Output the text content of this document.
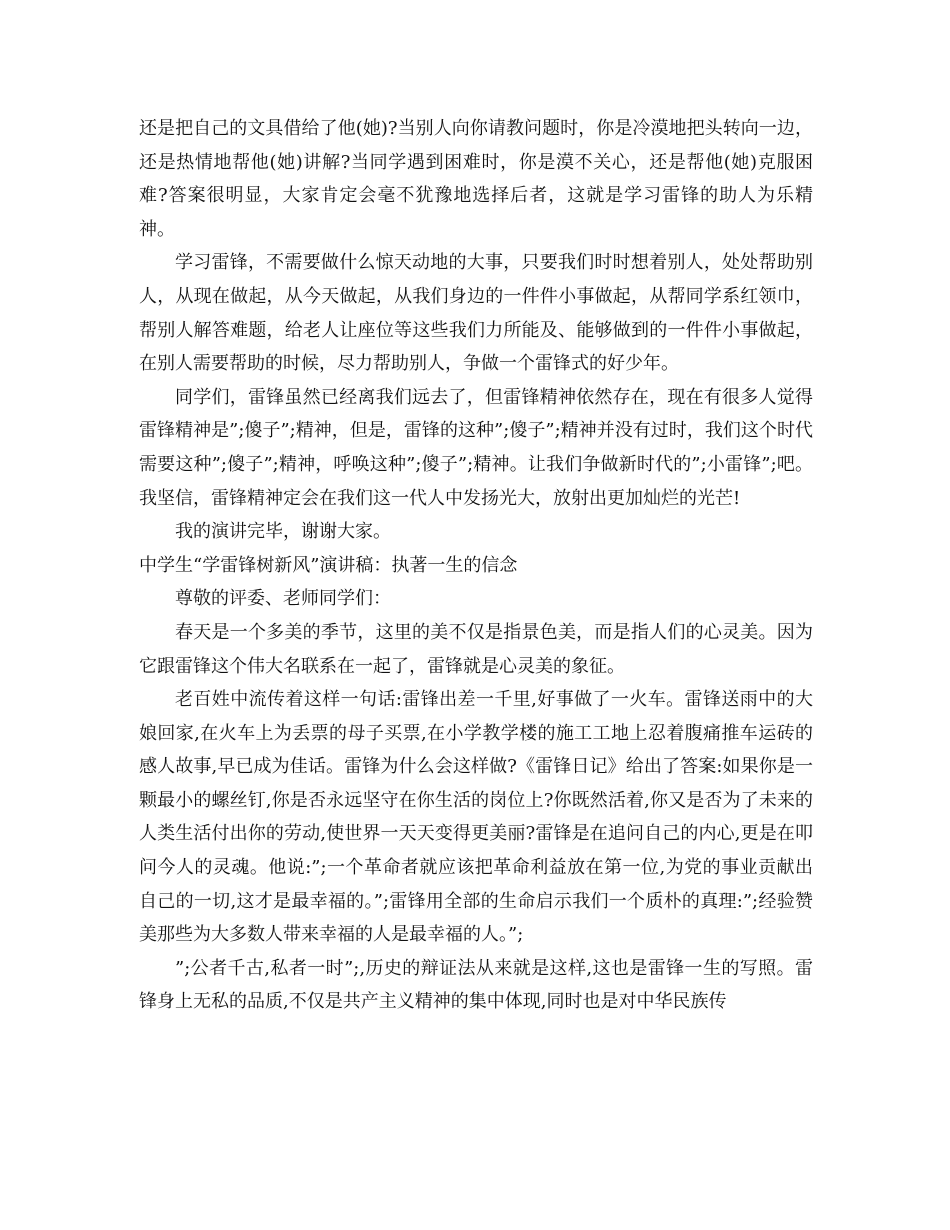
还是把自己的文具借给了他(她)?当别人向你请教问题时，你是冷漠地把头转向一边，还是热情地帮他(她)讲解?当同学遇到困难时，你是漠不关心，还是帮他(她)克服困难?答案很明显，大家肯定会毫不犹豫地选择后者，这就是学习雷锋的助人为乐精神。

学习雷锋，不需要做什么惊天动地的大事，只要我们时时想着别人，处处帮助别人，从现在做起，从今天做起，从我们身边的一件件小事做起，从帮同学系红领巾，帮别人解答难题，给老人让座位等这些我们力所能及、能够做到的一件件小事做起，在别人需要帮助的时候，尽力帮助别人，争做一个雷锋式的好少年。

同学们，雷锋虽然已经离我们远去了，但雷锋精神依然存在，现在有很多人觉得雷锋精神是”;傻子”;精神，但是，雷锋的这种”;傻子”;精神并没有过时，我们这个时代需要这种”;傻子”;精神，呼唤这种”;傻子”;精神。让我们争做新时代的”;小雷锋”;吧。我坚信，雷锋精神定会在我们这一代人中发扬光大，放射出更加灿烂的光芒!

我的演讲完毕，谢谢大家。

中学生“学雷锋树新风”演讲稿：执著一生的信念

尊敬的评委、老师同学们：

春天是一个多美的季节，这里的美不仅是指景色美，而是指人们的心灵美。因为它跟雷锋这个伟大名联系在一起了，雷锋就是心灵美的象征。

老百姓中流传着这样一句话:雷锋出差一千里,好事做了一火车。雷锋送雨中的大娘回家,在火车上为丢票的母子买票,在小学教学楼的施工工地上忍着腹痛推车运砖的感人故事,早已成为佳话。雷锋为什么会这样做?《雷锋日记》给出了答案:如果你是一颗最小的螺丝钉,你是否永远坚守在你生活的岗位上?你既然活着,你又是否为了未来的人类生活付出你的劳动,使世界一天天变得更美丽?雷锋是在追问自己的内心,更是在叩问今人的灵魂。他说:”;一个革命者就应该把革命利益放在第一位,为党的事业贡献出自己的一切,这才是最幸福的。”;雷锋用全部的生命启示我们一个质朴的真理:”;经验赞美那些为大多数人带来幸福的人是最幸福的人。”;

”;公者千古,私者一时”;,历史的辩证法从来就是这样,这也是雷锋一生的写照。雷锋身上无私的品质,不仅是共产主义精神的集中体现,同时也是对中华民族传
